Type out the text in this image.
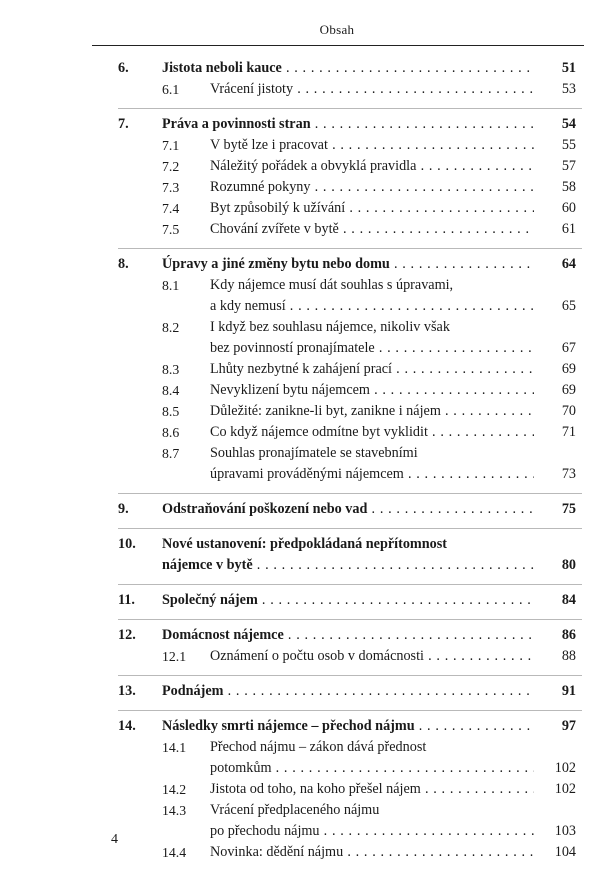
Obsah
6. Jistota neboli kauce . . .	51
6.1 Vrácení jistoty . . .	53
7. Práva a povinnosti stran . . .	54
7.1 V bytě lze i pracovat . . .	55
7.2 Náležitý pořádek a obvyklá pravidla . . .	57
7.3 Rozumné pokyny . . .	58
7.4 Byt způsobilý k užívání . . .	60
7.5 Chování zvířete v bytě . . .	61
8. Úpravy a jiné změny bytu nebo domu . . .	64
8.1 Kdy nájemce musí dát souhlas s úpravami,
a kdy nemusí . . .	65
8.2 I když bez souhlasu nájemce, nikoliv však
bez povinností pronajímatele . . .	67
8.3 Lhůty nezbytné k zahájení prací . . .	69
8.4 Nevyklizení bytu nájemcem . . .	69
8.5 Důležité: zanikne-li byt, zanikne i nájem . . .	70
8.6 Co když nájemce odmítne byt vyklidit . . .	71
8.7 Souhlas pronajímatele se stavebními
úpravami prováděnými nájemcem . . .	73
9. Odstraňování poškození nebo vad . . .	75
10. Nové ustanovení: předpokládaná nepřítomnost
nájemce v bytě . . .	80
11. Společný nájem . . .	84
12. Domácnost nájemce . . .	86
12.1 Oznámení o počtu osob v domácnosti . . .	88
13. Podnájem . . .	91
14. Následky smrti nájemce – přechod nájmu . . .	97
14.1 Přechod nájmu – zákon dává přednost
potomkům . . .	102
14.2 Jistota od toho, na koho přešel nájem . . .	102
14.3 Vrácení předplaceného nájmu
po přechodu nájmu . . .	103
14.4 Novinka: dědění nájmu . . .	104
4
